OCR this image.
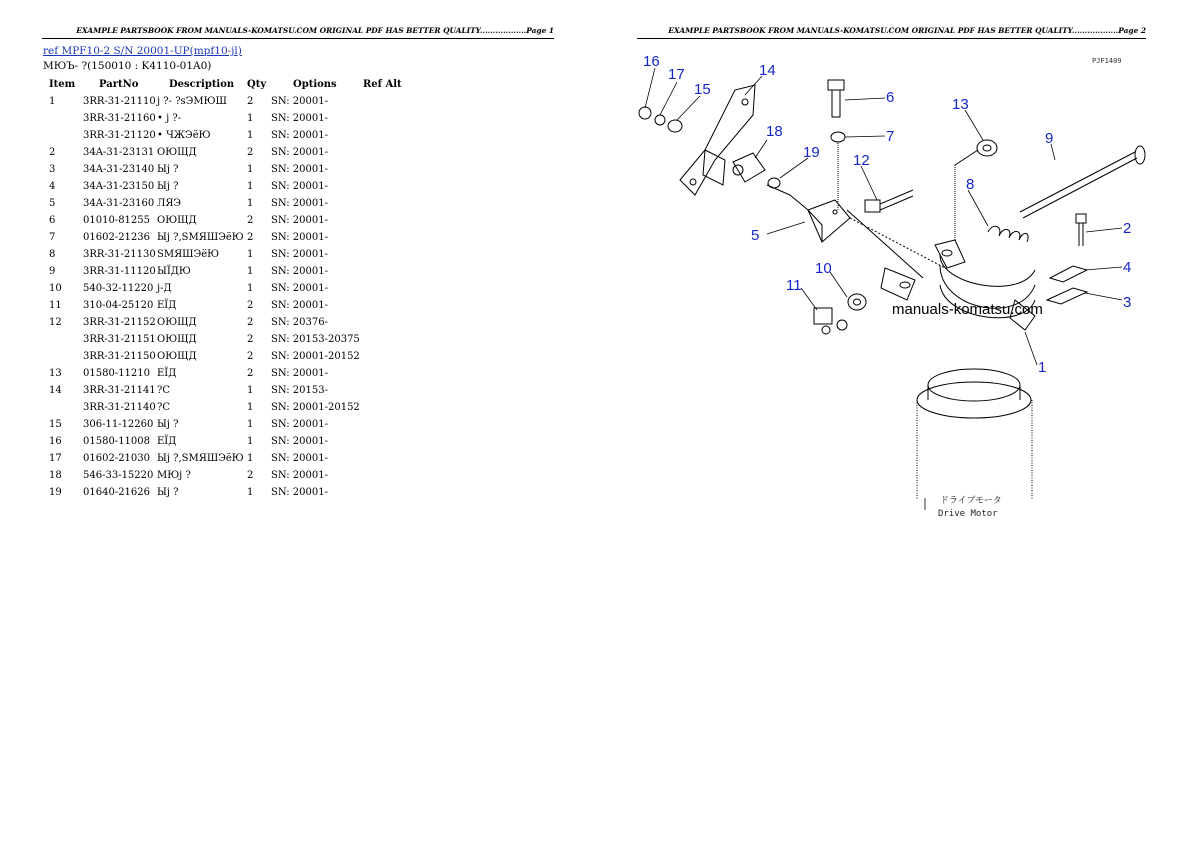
EXAMPLE PARTSBOOK FROM MANUALS-KOMATSU.COM ORIGINAL PDF HAS BETTER QUALITY..................Page 1
ref MPF10-2 S/N 20001-UP(mpf10-jl)
МЮЪ- ?(150010 : K4110-01A0)
Item	PartNo	Description	Qty	Options	Ref Alt
1	3RR-31-21110	j ?- ?sЭМЮШ	2	SN: 20001-	
	3RR-31-21160	• j ?-	1	SN: 20001-	
	3RR-31-21120	• ЧЖЭёЮ	1	SN: 20001-	
2	34A-31-23131	ОЮЩД	2	SN: 20001-	
3	34A-31-23140	Ыј ?	1	SN: 20001-	
4	34A-31-23150	Ыј ?	1	SN: 20001-	
5	34A-31-23160	ЛЯЭ	1	SN: 20001-	
6	01010-81255	ОЮЩД	2	SN: 20001-	
7	01602-21236	Ыј ?,SМЯШЭёЮ	2	SN: 20001-	
8	3RR-31-21130	SМЯШЭёЮ	1	SN: 20001-	
9	3RR-31-11120	ЫЇДЮ	1	SN: 20001-	
10	540-32-11220	ј-Д	1	SN: 20001-	
11	310-04-25120	ЕЇД	2	SN: 20001-	
12	3RR-31-21152	ОЮЩД	2	SN: 20376-	
	3RR-31-21151	ОЮЩД	2	SN: 20153-20375	
	3RR-31-21150	ОЮЩД	2	SN: 20001-20152	
13	01580-11210	ЕЇД	2	SN: 20001-	
14	3RR-31-21141	?С	1	SN: 20153-	
	3RR-31-21140	?С	1	SN: 20001-20152	
15	306-11-12260	Ыј ?	1	SN: 20001-	
16	01580-11008	ЕЇД	1	SN: 20001-	
17	01602-21030	Ыј ?,SМЯШЭёЮ	1	SN: 20001-	
18	546-33-15220	МЮј ?	2	SN: 20001-	
19	01640-21626	Ыј ?	1	SN: 20001-	
EXAMPLE PARTSBOOK FROM MANUALS-KOMATSU.COM ORIGINAL PDF HAS BETTER QUALITY..................Page 2
PJF1409
16
17
15
14
18
6
7
19 12
13
9
8
5	2
4
10
11
3
1
manuals-komatsu.com
ドライブモータ
Drive Motor
